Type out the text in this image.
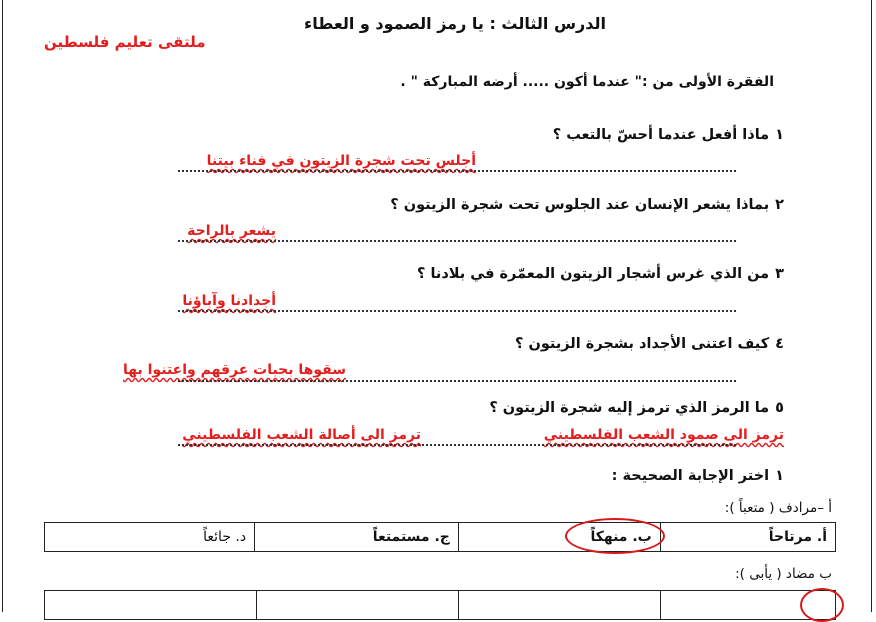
ملتقى تعليم فلسطين
الدرس الثالث : يا رمز الصمود و العطاء
الفقرة الأولى من :" عندما أكون ..... أرضه المباركة " .
١
ماذا أفعل عندما أحسّ بالتعب ؟
أجلس تحت شجرة الزيتون في فناء بيتنا
٢
بماذا يشعر الإنسان عند الجلوس تحت شجرة الزيتون ؟
يشعر بالراحة
٣
من الذي غرس أشجار الزيتون المعمّرة في بلادنا ؟
أجدادنا وآباؤنا
٤
كيف اعتنى الأجداد بشجرة الزيتون ؟
سقوها بحبات عرقهم واعتنوا بها
٥
ما الرمز الذي ترمز إليه شجرة الزيتون ؟
ترمز الى أصالة الشعب الفلسطيني	ترمز الى صمود الشعب الفلسطيني
١
اختر الإجابة الصحيحة :
أ –مرادف ( متعباً ):
أ. مرتاحاً	ب. منهكاً	ج. مستمتعاً	د. جائعاً
ب مضاد ( يأبى ):
